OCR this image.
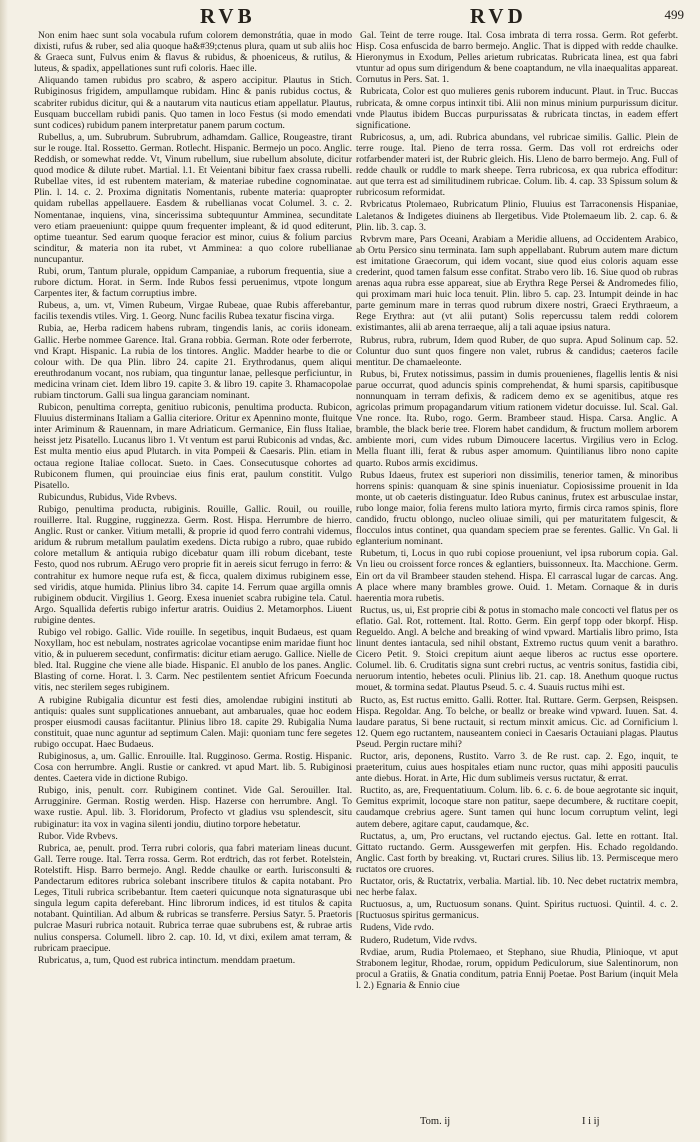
RVB	RVD	499

Non enim haec sunt sola vocabula rufum colorem demonstrátia, quae in modo dixisti, rufus & ruber, sed alia quoque ha&#39;ctenus plura, quam ut sub aliis hoc & Graeca sunt, Fulvus enim & flavus & rubidus, & phoeniceus, & rutilus, & luteus, & spadix, appellationes sunt rufi coloris. Haec ille.

Aliquando tamen rubidus pro scabro, & aspero accipitur. Plautus in Stich. Rubiginosus frigidem, ampullamque rubidam. Hinc & panis rubidus coctus, & scabriter rubidus dicitur, qui & a nautarum vita nauticus etiam appellatur. Plautus, Eusquam buccellam rubidi panis. Quo tamen in loco Festus (si modo emendati sunt codices) rubidum panem interpretatur panem parum coctum.

Rubellus, a, um. Subrubrum. Subrubrum, adhamdam. Gallice, Rougeastre, tirant sur le rouge. Ital. Rossetto. German. Rotlecht. Hispanic. Bermejo un poco. Anglic. Reddish, or somewhat redde. Vt, Vinum rubellum, siue rubellum absolute, dicitur quod modice & dilute rubet. Martial. l.1. Et Veientani bibitur faex crassa rubelli. Rubellae vites, id est rubentem materiam, & materiae rubedine cognominatae. Plin. l. 14. c. 2. Proxima dignitatis Nomentanis, rubente materia: quapropter quidam rubellas appellauere. Easdem & rubellianas vocat Columel. 3. c. 2. Nomentanae, inquiens, vina, sincerissima subtequuntur Amminea, secunditate vero etiam praeueniunt: quippe quum frequenter impleant, & id quod editerunt, optime tueantur. Sed earum quoque feracior est minor, cuius & folium parcius scinditur, & materia non ita rubet, vt Amminea: a quo colore rubellianae nuncupantur.

Rubi, orum, Tantum plurale, oppidum Campaniae, a ruborum frequentia, siue a rubore dictum. Horat. in Serm. Inde Rubos fessi peruenimus, vtpote longum Carpentes iter, & factum corruptius imbre.

Rubeus, a, um. vt, Vimen Rubeum, Virgae Rubeae, quae Rubis afferebantur, facilis texendis vtiles. Virg. 1. Georg. Nunc facilis Rubea texatur fiscina virga.

Rubia, ae, Herba radicem habens rubram, tingendis lanis, ac coriis idoneam. Gallic. Herbe nommee Garence. Ital. Grana robbia. German. Rote oder ferberrote, vnd Krapt. Hispanic. La rubia de los tintores. Anglic. Madder hearbe to die or colour with. De qua Plin. libro 24. capite 21. Erythrodanus, quem aliqui ereuthrodanum vocant, nos rubiam, qua tinguntur lanae, pellesque perficiuntur, in medicina vrinam ciet. Idem libro 19. capite 3. & libro 19. capite 3. Rhamacopolae rubiam tinctorum. Galli sua lingua garanciam nominant.

Rubicon, penultima correpta, genitiuo rubiconis, penultima producta. Rubicon, Fluuius disterminans Italiam a Gallia citeriore. Oritur ex Apennino monte, fluitque inter Ariminum & Rauennam, in mare Adriaticum. Germanice, Ein fluss Italiae, heisst jetz Pisatello. Lucanus libro 1. Vt ventum est parui Rubiconis ad vndas, &c. Est multa mentio eius apud Plutarch. in vita Pompeii & Caesaris. Plin. etiam in octaua regione Italiae collocat. Sueto. in Caes. Consecutusque cohortes ad Rubiconem flumen, qui prouinciae eius finis erat, paulum constitit. Vulgo Pisatello.

Rubicundus, Rubidus, Vide Rvbevs.

Rubigo, penultima producta, rubiginis. Rouille, Gallic. Rouil, ou rouille, rouillerre. Ital. Ruggine, rugginezza. Germ. Rost. Hispa. Herrumbre de hierro. Anglic. Rust or canker. Vitium metalli, & proprie id quod ferro contrahi videmus, aridum & rubrum metallum paulatim exedens. Dicta rubigo a rubro, quae rubido colore metallum & antiquia rubigo dicebatur quam illi robum dicebant, teste Festo, quod nos rubrum. AErugo vero proprie fit in aereis sicut ferrugo in ferro: & contrahitur ex humore neque rufa est, & ficca, qualem diximus rubiginem esse, sed viridis, atque humida. Plinius libro 34. capite 14. Ferrum quae argilla omnis rubiginem obducit. Virgilius 1. Georg. Exesa inueniet scabra rubigine tela. Catul. Argo. Squallida defertis rubigo infertur aratris. Ouidius 2. Metamorphos. Liuent rubigine dentes.

Rubigo vel robigo. Gallic. Vide rouille. In segetibus, inquit Budaeus, est quam Noxyllam, hoc est nebulam, nostrates agricolae vocantipse enim maridae fiunt hoc vitio, & in puluerem secedunt, confirmatis: dicitur etiam aerugo. Gallice. Nielle de bled. Ital. Ruggine che viene alle biade. Hispanic. El anublo de los panes. Anglic. Blasting of corne. Horat. l. 3. Carm. Nec pestilentem sentiet Africum Foecunda vitis, nec sterilem seges rubiginem.

A rubigine Rubigalia dicuntur est festi dies, amolendae rubigini instituti ab antiquis: quales sunt supplicationes annuebant, aut ambaruales, quae hoc eodem prosper eiusmodi causas faciitantur. Plinius libro 18. capite 29. Rubigalia Numa constituit, quae nunc aguntur ad septimum Calen. Maji: quoniam tunc fere segetes rubigo occupat. Haec Budaeus.

Rubiginosus, a, um. Gallic. Enrouille. Ital. Rugginoso. Germa. Rostig. Hispanic. Cosa con herrumbre. Angli. Rustie or cankred. vt apud Mart. lib. 5. Rubiginosi dentes. Caetera vide in dictione Rubigo.

Rubigo, inis, penult. corr. Rubiginem continet. Vide Gal. Serouiller. Ital. Arrugginire. German. Rostig werden. Hisp. Hazerse con herrumbre. Angl. To waxe rustie. Apul. lib. 3. Floridorum, Profecto vt gladius vsu splendescit, situ rubiginatur: ita vox in vagina silenti jondiu, diutino torpore hebetatur.

Rubor. Vide Rvbevs.

Rubrica, ae, penult. prod. Terra rubri coloris, qua fabri materiam lineas ducunt. Gall. Terre rouge. Ital. Terra rossa. Germ. Rot erdtrich, das rot ferbet. Rotelstein, Rotelstift. Hisp. Barro bermejo. Angl. Redde chaulke or earth. Iurisconsulti & Pandectarum editores rubrica solebant inscribere titulos & capita notabant. Pro Leges, Tituli rubrica scribebantur. Item caeteri quicunque nota signaturasque ubi singula legum capita deferebant. Hinc librorum indices, id est titulos & capita notabant. Quintilian. Ad album & rubricas se transferre. Persius Satyr. 5. Praetoris pulcrae Masuri rubrica notauit. Rubrica terrae quae subrubens est, & rubrae artis nulius conspersa. Columell. libro 2. cap. 10. Id, vt dixi, exilem amat terram, & rubricam praecipue.

Rubricatus, a, tum, Quod est rubrica intinctum. menddam praetum.

Gal. Teint de terre rouge. Ital. Cosa imbrata di terra rossa. Germ. Rot geferbt. Hisp. Cosa enfuscida de barro bermejo. Anglic. That is dipped with redde chaulke. Hieronymus in Exodum, Pelles arietum rubricatas. Rubricata linea, est qua fabri vtuntur ad opus sum dirigendum & bene coaptandum, ne vlla inaequalitas appareat. Cornutus in Pers. Sat. 1.

Rubricata, Color est quo mulieres genis ruborem inducunt. Plaut. in Truc. Buccas rubricata, & omne corpus intinxit tibi. Alii non minus minium purpurissum dicitur. vnde Plautus ibidem Buccas purpurissatas & rubricata tinctas, in eadem effert significatione.

Rubricosus, a, um, adi. Rubrica abundans, vel rubricae similis. Gallic. Plein de terre rouge. Ital. Pieno de terra rossa. Germ. Das voll rot erdreichs oder rotfarbender materi ist, der Rubric gleich. His. Lleno de barro bermejo. Ang. Full of redde chaulk or ruddle to mark sheepe. Terra rubricosa, ex qua rubrica effoditur: aut que terra est ad similitudinem rubricae. Colum. lib. 4. cap. 33 Spissum solum & rubricosum reformidat.

Rvbricatus Ptolemaeo, Rubricatum Plinio, Fluuius est Tarraconensis Hispaniae, Laletanos & Indigetes diuinens ab Ilergetibus. Vide Ptolemaeum lib. 2. cap. 6. & Plin. lib. 3. cap. 3.

Rvbrvm mare, Pars Oceani, Arabiam a Meridie alluens, ad Occidentem Arabico, ab Ortu Persico sinu terminata. Iam suph appellabant. Rubrum autem mare dictum est imitatione Graecorum, qui idem vocant, siue quod eius coloris aquam esse crederint, quod tamen falsum esse confitat. Strabo vero lib. 16. Siue quod ob rubras arenas aqua rubra esse appareat, siue ab Erythra Rege Persei & Andromedes filio, qui proximam mari huic loca tenuit. Plin. libro 5. cap. 23. Intumpit deinde in hac parte geminum mare in terras quod rubrum dixere nostri, Graeci Erythraeum, a Rege Erythra: aut (vt alii putant) Solis repercussu talem reddi colorem existimantes, alii ab arena terraeque, alij a tali aquae ipsius natura.

Rubrus, rubra, rubrum, Idem quod Ruber, de quo supra. Apud Solinum cap. 52. Coluntur duo sunt quos fingere non valet, rubrus & candidus; caeteros facile mentitur. De chamaeleonte.

Rubus, bi, Frutex notissimus, passim in dumis prouenienes, flagellis lentis & nisi parue occurrat, quod aduncis spinis comprehendat, & humi sparsis, capitibusque nonnunquam in terram defixis, & radicem demo ex se agenitibus, atque res agricolas primum propagandarum vitium rationem videtur docuisse. Iul. Scal. Gal. Vne ronce. Ita. Rubo, rogo. Germ. Brambeer staud. Hispa. Carsa. Anglic. A bramble, the black berie tree. Florem habet candidum, & fructum mollem arborem ambiente mori, cum vides rubum Dimoucere lacertus. Virgilius vero in Eclog. Mella fluant illi, ferat & rubus asper amomum. Quintilianus libro nono capite quarto. Rubos armis excidimus.

Rubus Idaeus, frutex est superiori non dissimilis, tenerior tamen, & minoribus horrens spinis: quanquam & sine spinis inueniatur. Copiosissime prouenit in Ida monte, ut ob caeteris distinguatur. Ideo Rubus caninus, frutex est arbusculae instar, rubo longe maior, folia ferens multo latiora myrto, firmis circa ramos spinis, flore candido, fructu oblongo, nucleo oliuae simili, qui per maturitatem fulgescit, & flocculos intus continet, qua quandam speciem prae se ferentes. Gallic. Vn Gal. li eglanterium nominant.

Rubetum, ti, Locus in quo rubi copiose proueniunt, vel ipsa ruborum copia. Gal. Vn lieu ou croissent force ronces & eglantiers, buissonneux. Ita. Macchione. Germ. Ein ort da vil Brambeer stauden stehend. Hispa. El carrascal lugar de carcas. Ang. A place where many brambles growe. Ouid. 1. Metam. Cornaque & in duris haerentia mora rubetis.

Ructus, us, ui, Est proprie cibi & potus in stomacho male concocti vel flatus per os eflatio. Gal. Rot, rottement. Ital. Rotto. Germ. Ein gerpf topp oder bkorpf. Hisp. Regueldo. Angl. A belche and breaking of wind vpward. Martialis libro primo, Ista linunt dentes iantacula, sed nihil obstant, Extremo ructus quum venit a barathro. Cicero Petit. 9. Stoici crepitum aiunt aeque liberos ac ructus esse oportere. Columel. lib. 6. Cruditatis signa sunt crebri ructus, ac ventris sonitus, fastidia cibi, neruorum intentio, hebetes oculi. Plinius lib. 21. cap. 18. Anethum quoque ructus mouet, & tormina sedat. Plautus Pseud. 5. c. 4. Suauis ructus mihi est.

Ructo, as, Est ructus emitto. Galli. Rotter. Ital. Ruttare. Germ. Gerpsen, Reispsen. Hispa. Regoldar. Ang. To belche, or beallz or breake wind vpward. Iuuen. Sat. 4. laudare paratus, Si bene ructauit, si rectum minxit amicus. Cic. ad Cornificium l. 12. Quem ego ructantem, nauseantem conieci in Caesaris Octauiani plagas. Plautus Pseud. Pergin ructare mihi?

Ructor, aris, deponens, Rustito. Varro 3. de Re rust. cap. 2. Ego, inquit, te praeteritum, cuius aues hospitales etiam nunc ructor, quas mihi appositi pauculis ante diebus. Horat. in Arte, Hic dum sublimeis versus ructatur, & errat.

Ructito, as, are, Frequentatiuum. Colum. lib. 6. c. 6. de boue aegrotante sic inquit, Gemitus exprimit, locoque stare non patitur, saepe decumbere, & ructitare coepit, caudamque crebrius agere. Sunt tamen qui hunc locum corruptum velint, legi autem debere, agitare caput, caudamque, &c.

Ructatus, a, um, Pro eructans, vel ructando ejectus. Gal. Iette en rottant. Ital. Gittato ructando. Germ. Aussgewerfen mit gerpfen. His. Echado regoldando. Anglic. Cast forth by breaking. vt, Ructari crures. Silius lib. 13. Permisceque mero ructatos ore cruores.

Ructator, oris, & Ructatrix, verbalia. Martial. lib. 10. Nec debet ructatrix membra, nec herbe falax.

Ructuosus, a, um, Ructuosum sonans. Quint. Spiritus ructuosi. Quintil. 4. c. 2. [Ructuosus spiritus germanicus.

Rudens, Vide rvdo.

Rudero, Rudetum, Vide rvdvs.

Rvdiae, arum, Rudia Ptolemaeo, et Stephano, siue Rhudia, Plinioque, vt aput Strabonem legitur, Rhodae, rorum, oppidum Pediculorum, siue Salentinorum, non procul a Gratiis, & Gnatia conditum, patria Ennij Poetae. Post Barium (inquit Mela l. 2.) Egnaria & Ennio ciue

Tom. ij	I i ij
